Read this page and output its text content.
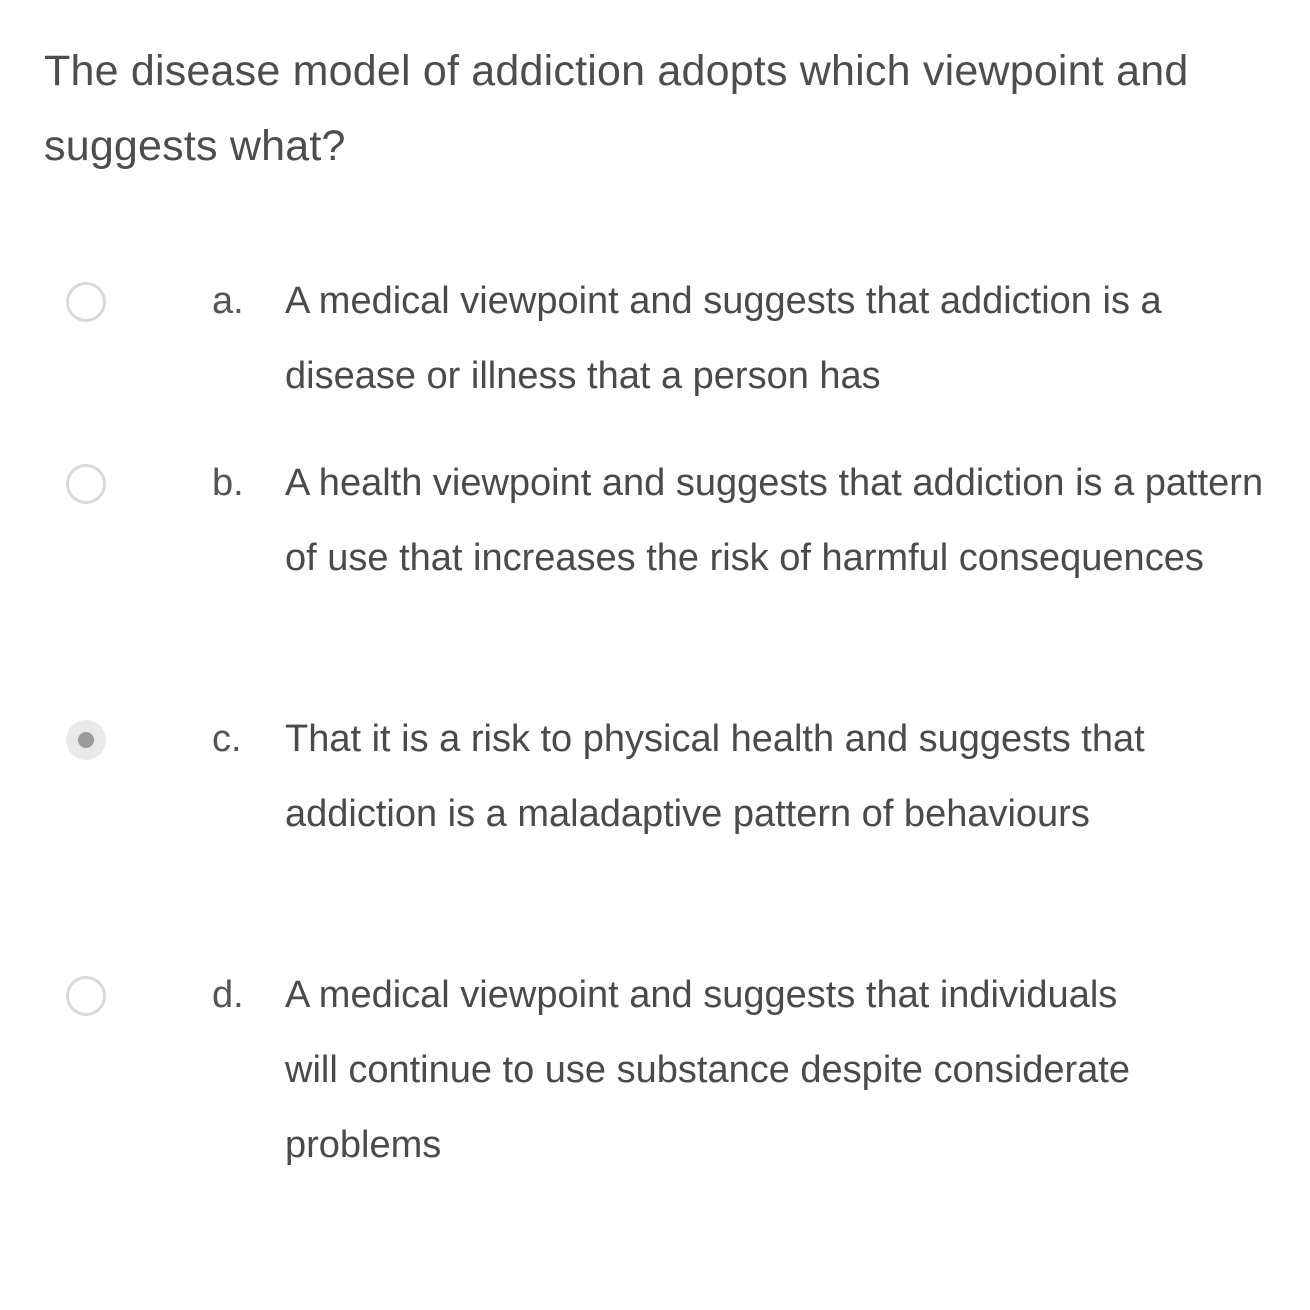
The disease model of addiction adopts which viewpoint and suggests what?
a. A medical viewpoint and suggests that addiction is a disease or illness that a person has
b. A health viewpoint and suggests that addiction is a pattern of use that increases the risk of harmful consequences
c. That it is a risk to physical health and suggests that addiction is a maladaptive pattern of behaviours
d. A medical viewpoint and suggests that individuals will continue to use substance despite considerate problems
